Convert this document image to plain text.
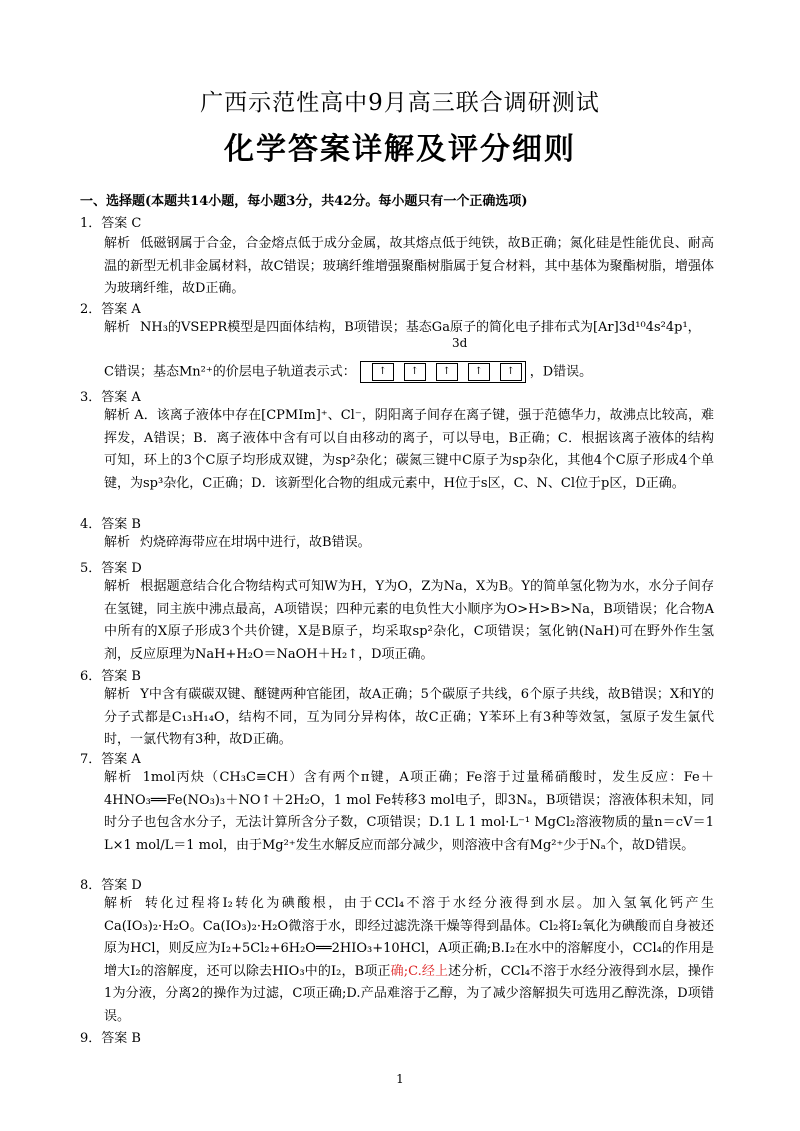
广西示范性高中9月高三联合调研测试
化学答案详解及评分细则
一、选择题(本题共14小题，每小题3分，共42分。每小题只有一个正确选项)
1．答案 C
解析 低磁钢属于合金，合金熔点低于成分金属，故其熔点低于纯铁，故B正确；氮化硅是性能优良、耐高温的新型无机非金属材料，故C错误；玻璃纤维增强聚酯树脂属于复合材料，其中基体为聚酯树脂，增强体为玻璃纤维，故D正确。
2．答案 A
解析 NH₃的VSEPR模型是四面体结构，B项错误；基态Ga原子的简化电子排布式为[Ar]3d¹⁰4s²4p¹，
3d
C错误；基态Mn²⁺的价层电子轨道表示式：	↑	↑	↑	↑	↑	，D错误。
3．答案 A
解析 A．该离子液体中存在[CPMIm]⁺、Cl⁻，阴阳离子间存在离子键，强于范德华力，故沸点比较高，难挥发，A错误；B．离子液体中含有可以自由移动的离子，可以导电，B正确；C．根据该离子液体的结构可知，环上的3个C原子均形成双键，为sp²杂化；碳氮三键中C原子为sp杂化，其他4个C原子形成4个单键，为sp³杂化，C正确；D．该新型化合物的组成元素中，H位于s区，C、N、Cl位于p区，D正确。
4．答案 B
解析 灼烧碎海带应在坩埚中进行，故B错误。
5．答案 D
解析 根据题意结合化合物结构式可知W为H，Y为O，Z为Na，X为B。Y的简单氢化物为水，水分子间存在氢键，同主族中沸点最高，A项错误；四种元素的电负性大小顺序为O>H>B>Na，B项错误；化合物A中所有的X原子形成3个共价键，X是B原子，均采取sp²杂化，C项错误；氢化钠(NaH)可在野外作生氢剂，反应原理为NaH+H₂O＝NaOH＋H₂↑，D项正确。
6．答案 B
解析 Y中含有碳碳双键、醚键两种官能团，故A正确；5个碳原子共线，6个原子共线，故B错误；X和Y的分子式都是C₁₃H₁₄O，结构不同，互为同分异构体，故C正确；Y苯环上有3种等效氢，氢原子发生氯代时，一氯代物有3种，故D正确。
7．答案 A
解析 1mol丙炔（CH₃C≡CH）含有两个π键，A项正确；Fe溶于过量稀硝酸时，发生反应：Fe＋4HNO₃══Fe(NO₃)₃＋NO↑＋2H₂O，1 mol Fe转移3 mol电子，即3Nₐ，B项错误；溶液体积未知，同时分子也包含水分子，无法计算所含分子数，C项错误；D.1 L 1 mol·L⁻¹ MgCl₂溶液物质的量n＝cV＝1 L×1 mol/L＝1 mol，由于Mg²⁺发生水解反应而部分减少，则溶液中含有Mg²⁺少于Nₐ个，故D错误。
8．答案 D
解析 转化过程将I₂转化为碘酸根，由于CCl₄不溶于水经分液得到水层。加入氢氧化钙产生Ca(IO₃)₂·H₂O。Ca(IO₃)₂·H₂O微溶于水，即经过滤洗涤干燥等得到晶体。Cl₂将I₂氧化为碘酸而自身被还原为HCl，则反应为I₂+5Cl₂+6H₂O══2HIO₃+10HCl，A项正确;B.I₂在水中的溶解度小，CCl₄的作用是增大I₂的溶解度，还可以除去HIO₃中的I₂，B项正确;C.经上述分析，CCl₄不溶于水经分液得到水层，操作1为分液，分离2的操作为过滤，C项正确;D.产品难溶于乙醇，为了减少溶解损失可选用乙醇洗涤，D项错误。
9．答案 B
1
